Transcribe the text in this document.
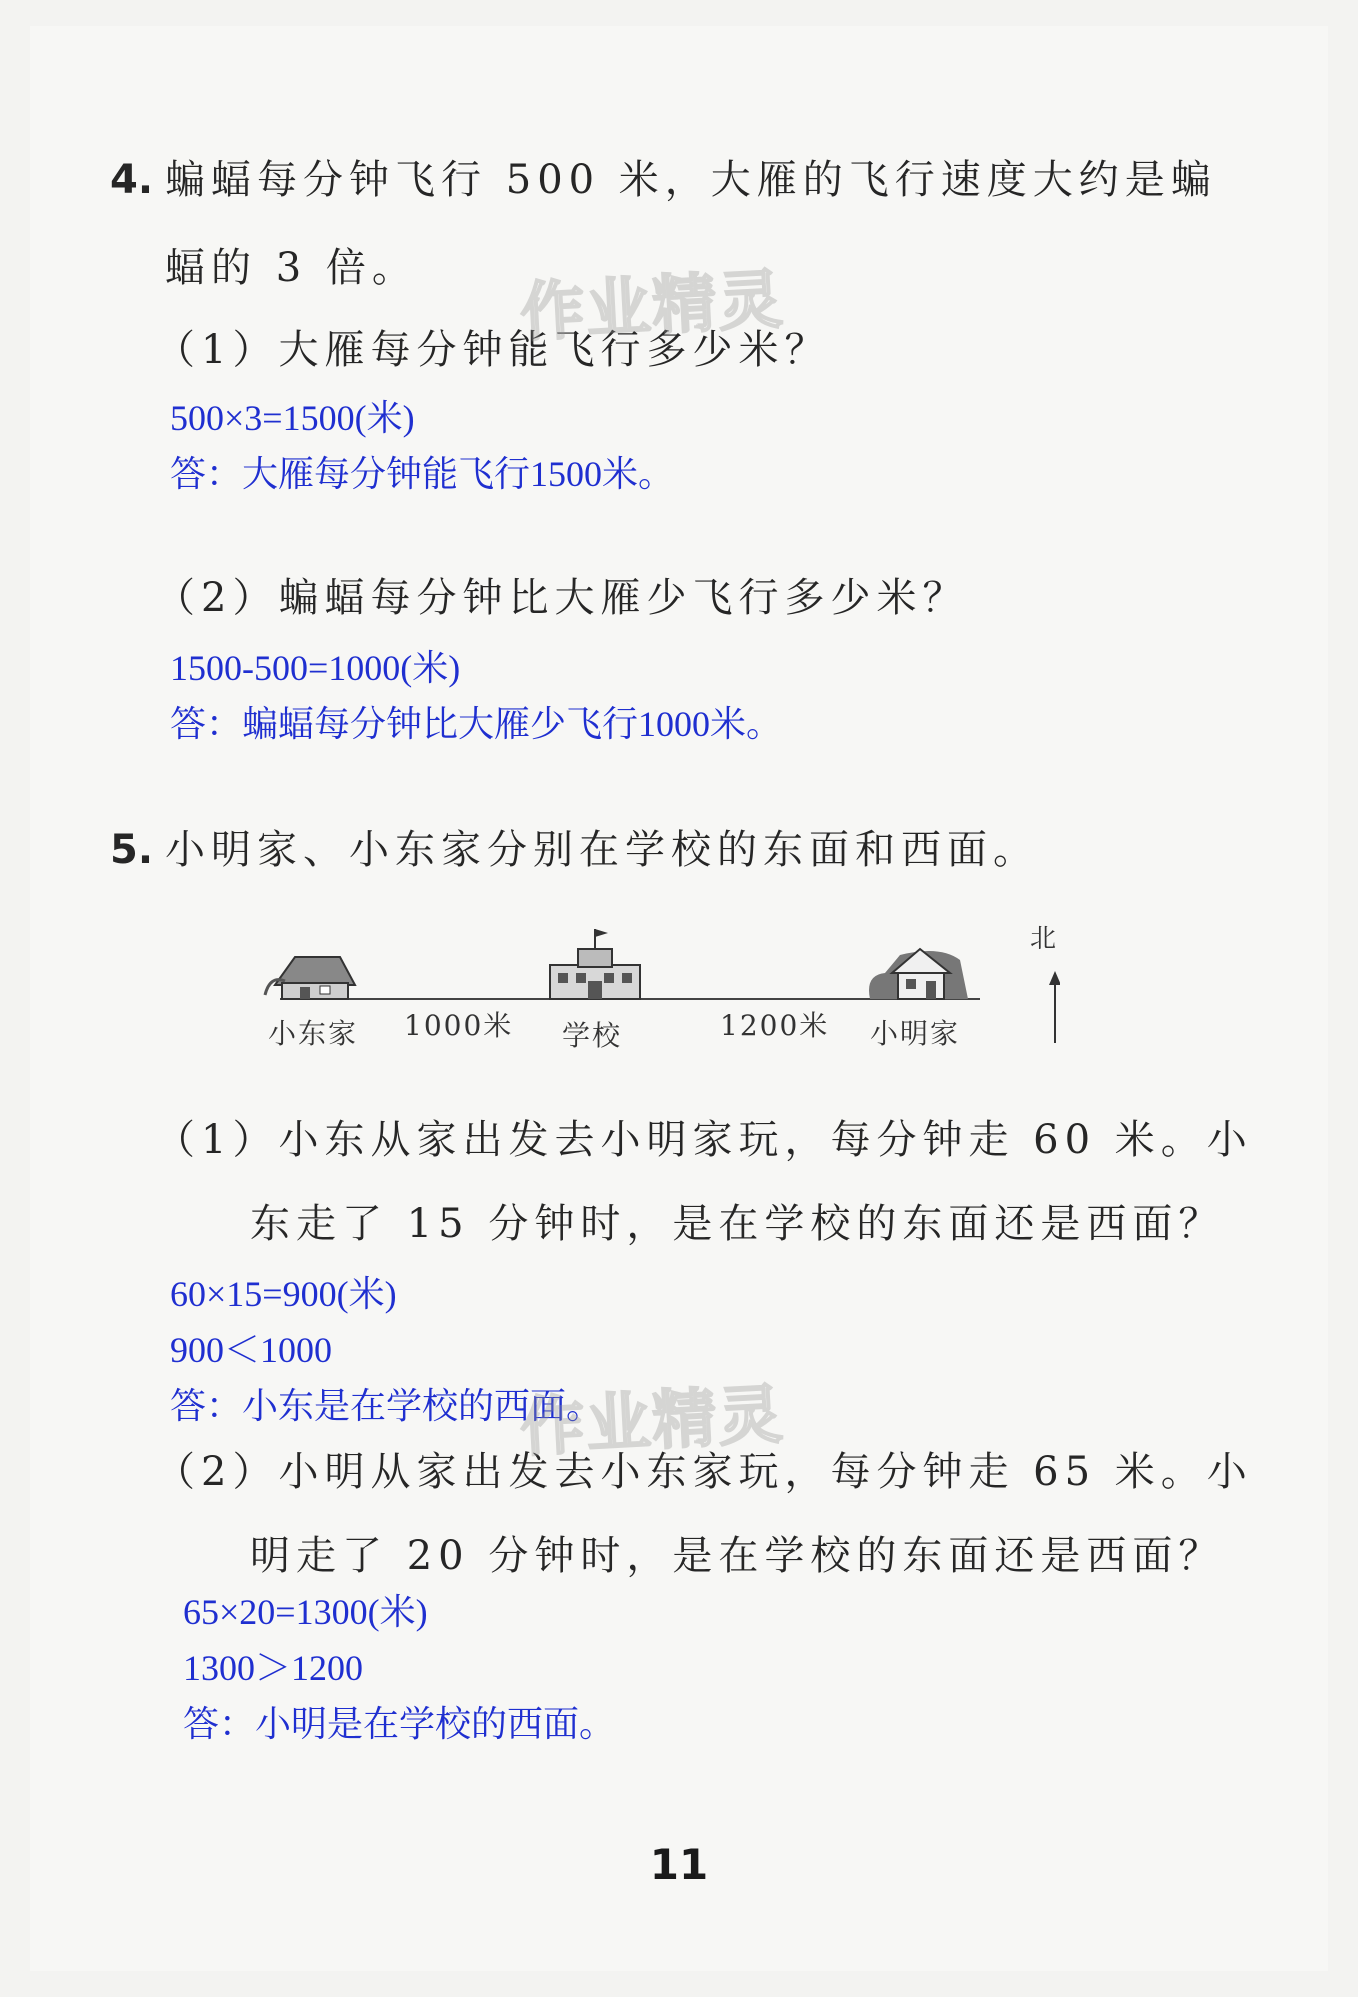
4. 蝙蝠每分钟飞行 500 米，大雁的飞行速度大约是蝙
蝠的 3 倍。
（1）大雁每分钟能飞行多少米？
500×3=1500(米)
答：大雁每分钟能飞行1500米。
（2）蝙蝠每分钟比大雁少飞行多少米？
1500-500=1000(米)
答：蝙蝠每分钟比大雁少飞行1000米。
5. 小明家、小东家分别在学校的东面和西面。
北
小东家 1000米 学校	1200米 小明家
（1）小东从家出发去小明家玩，每分钟走 60 米。小
东走了 15 分钟时，是在学校的东面还是西面？
60×15=900(米)
900＜1000
答：小东是在学校的西面。
（2）小明从家出发去小东家玩，每分钟走 65 米。小
明走了 20 分钟时，是在学校的东面还是西面？
65×20=1300(米)
1300＞1200
答：小明是在学校的西面。
作业精灵
作业精灵
11
